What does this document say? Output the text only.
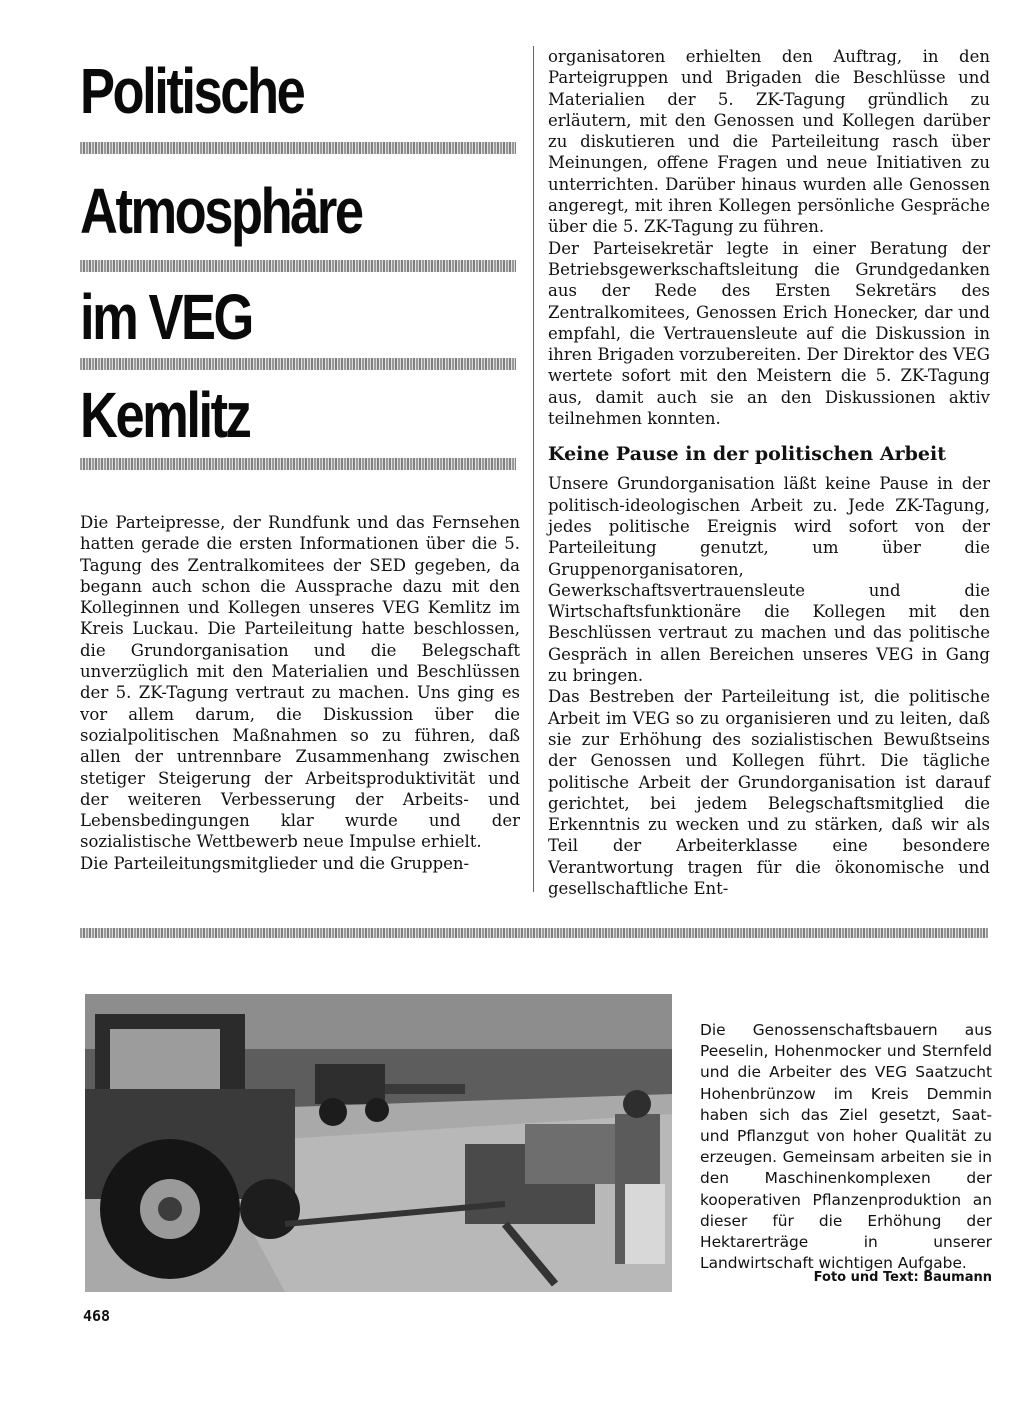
Politische
Atmosphäre
im VEG
Kemlitz

Die Parteipresse, der Rundfunk und das Fernsehen hatten gerade die ersten Informationen über die 5. Tagung des Zentralkomitees der SED gegeben, da begann auch schon die Aussprache dazu mit den Kolleginnen und Kollegen unseres VEG Kemlitz im Kreis Luckau. Die Parteileitung hatte beschlossen, die Grundorganisation und die Belegschaft unverzüglich mit den Materialien und Beschlüssen der 5. ZK-Tagung vertraut zu machen. Uns ging es vor allem darum, die Diskussion über die sozialpolitischen Maßnahmen so zu führen, daß allen der untrennbare Zusammenhang zwischen stetiger Steigerung der Arbeitsproduktivität und der weiteren Verbesserung der Arbeits- und Lebensbedingungen klar wurde und der sozialistische Wettbewerb neue Impulse erhielt.

Die Parteileitungsmitglieder und die Gruppen-

organisatoren erhielten den Auftrag, in den Parteigruppen und Brigaden die Beschlüsse und Materialien der 5. ZK-Tagung gründlich zu erläutern, mit den Genossen und Kollegen darüber zu diskutieren und die Parteileitung rasch über Meinungen, offene Fragen und neue Initiativen zu unterrichten. Darüber hinaus wurden alle Genossen angeregt, mit ihren Kollegen persönliche Gespräche über die 5. ZK-Tagung zu führen.

Der Parteisekretär legte in einer Beratung der Betriebsgewerkschaftsleitung die Grundgedanken aus der Rede des Ersten Sekretärs des Zentralkomitees, Genossen Erich Honecker, dar und empfahl, die Vertrauensleute auf die Diskussion in ihren Brigaden vorzubereiten. Der Direktor des VEG wertete sofort mit den Meistern die 5. ZK-Tagung aus, damit auch sie an den Diskussionen aktiv teilnehmen konnten.

Keine Pause in der politischen Arbeit

Unsere Grundorganisation läßt keine Pause in der politisch-ideologischen Arbeit zu. Jede ZK-Tagung, jedes politische Ereignis wird sofort von der Parteileitung genutzt, um über die Gruppenorganisatoren, Gewerkschaftsvertrauensleute und die Wirtschaftsfunktionäre die Kollegen mit den Beschlüssen vertraut zu machen und das politische Gespräch in allen Bereichen unseres VEG in Gang zu bringen.

Das Bestreben der Parteileitung ist, die politische Arbeit im VEG so zu organisieren und zu leiten, daß sie zur Erhöhung des sozialistischen Bewußtseins der Genossen und Kollegen führt. Die tägliche politische Arbeit der Grundorganisation ist darauf gerichtet, bei jedem Belegschaftsmitglied die Erkenntnis zu wecken und zu stärken, daß wir als Teil der Arbeiterklasse eine besondere Verantwortung tragen für die ökonomische und gesellschaftliche Ent-

Die Genossenschaftsbauern aus Peeselin, Hohenmocker und Sternfeld und die Arbeiter des VEG Saatzucht Hohenbrünzow im Kreis Demmin haben sich das Ziel gesetzt, Saat- und Pflanzgut von hoher Qualität zu erzeugen. Gemeinsam arbeiten sie in den Maschinenkomplexen der kooperativen Pflanzenproduktion an dieser für die Erhöhung der Hektarerträge in unserer Landwirtschaft wichtigen Aufgabe.
Foto und Text: Baumann
468
